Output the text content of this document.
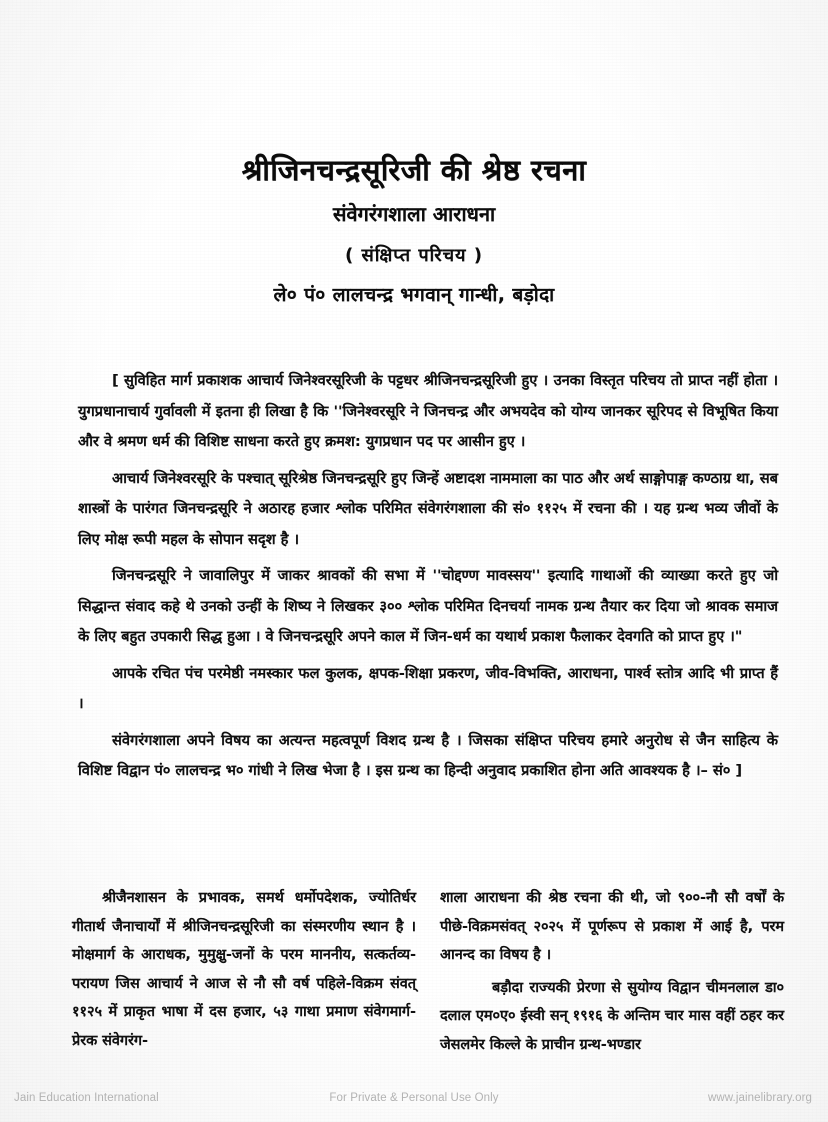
श्रीजिनचन्द्रसूरिजी की श्रेष्ठ रचना
संवेगरंगशाला आराधना
( संक्षिप्त परिचय )
ले० पं० लालचन्द्र भगवान् गान्धी, बड़ोदा

[ सुविहित मार्ग प्रकाशक आचार्य जिनेश्वरसूरिजी के पट्टधर श्रीजिनचन्द्रसूरिजी हुए । उनका विस्तृत परिचय तो प्राप्त नहीं होता । युगप्रधानाचार्य गुर्वावली में इतना ही लिखा है कि ''जिनेश्वरसूरि ने जिनचन्द्र और अभयदेव को योग्य जानकर सूरिपद से विभूषित किया और वे श्रमण धर्म की विशिष्ट साधना करते हुए क्रमश: युगप्रधान पद पर आसीन हुए ।

आचार्य जिनेश्वरसूरि के पश्चात् सूरिश्रेष्ठ जिनचन्द्रसूरि हुए जिन्हें अष्टादश नाममाला का पाठ और अर्थ साङ्गोपाङ्ग कण्ठाग्र था, सब शास्त्रों के पारंगत जिनचन्द्रसूरि ने अठारह हजार श्लोक परिमित संवेगरंगशाला की सं० ११२५ में रचना की । यह ग्रन्थ भव्य जीवों के लिए मोक्ष रूपी महल के सोपान सदृश है ।

जिनचन्द्रसूरि ने जावालिपुर में जाकर श्रावकों की सभा में ''चोद्दण्ण मावस्सय'' इत्यादि गाथाओं की व्याख्या करते हुए जो सिद्धान्त संवाद कहे थे उनको उन्हीं के शिष्य ने लिखकर ३०० श्लोक परिमित दिनचर्या नामक ग्रन्थ तैयार कर दिया जो श्रावक समाज के लिए बहुत उपकारी सिद्ध हुआ । वे जिनचन्द्रसूरि अपने काल में जिन-धर्म का यथार्थ प्रकाश फैलाकर देवगति को प्राप्त हुए ।"

आपके रचित पंच परमेष्ठी नमस्कार फल कुलक, क्षपक-शिक्षा प्रकरण, जीव-विभक्ति, आराधना, पार्श्व स्तोत्र आदि भी प्राप्त हैं ।

संवेगरंगशाला अपने विषय का अत्यन्त महत्वपूर्ण विशद ग्रन्थ है । जिसका संक्षिप्त परिचय हमारे अनुरोध से जैन साहित्य के विशिष्ट विद्वान पं० लालचन्द्र भ० गांधी ने लिख भेजा है । इस ग्रन्थ का हिन्दी अनुवाद प्रकाशित होना अति आवश्यक है ।– सं० ]

श्रीजैनशासन के प्रभावक, समर्थ धर्मोपदेशक, ज्योतिर्धर गीतार्थ जैनाचार्यों में श्रीजिनचन्द्रसूरिजी का संस्मरणीय स्थान है । मोक्षमार्ग के आराधक, मुमुक्षु-जनों के परम माननीय, सत्कर्तव्य-परायण जिस आचार्य ने आज से नौ सौ वर्ष पहिले-विक्रम संवत् ११२५ में प्राकृत भाषा में दस हजार, ५३ गाथा प्रमाण संवेगमार्ग-प्रेरक संवेगरंग-

शाला आराधना की श्रेष्ठ रचना की थी, जो ९००-नौ सौ वर्षों के पीछे-विक्रमसंवत् २०२५ में पूर्णरूप से प्रकाश में आई है, परम आनन्द का विषय है ।

बड़ौदा राज्यकी प्रेरणा से सुयोग्य विद्वान चीमनलाल डा० दलाल एम०ए० ईस्वी सन् १९१६ के अन्तिम चार मास वहीं ठहर कर जेसलमेर किल्ले के प्राचीन ग्रन्थ-भण्डार

Jain Education International	For Private & Personal Use Only	www.jainelibrary.org
